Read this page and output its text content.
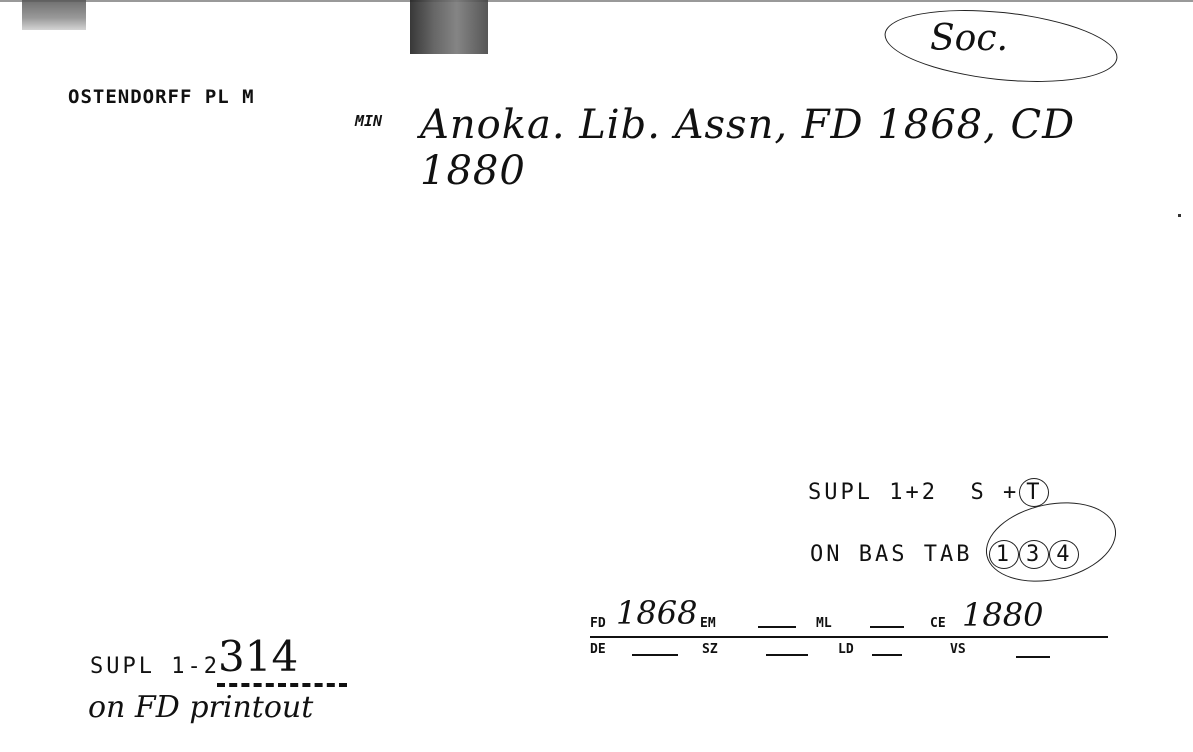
OSTENDORFF PL M
MIN Anoka. Lib. Assn, FD 1868, CD 1880
Soc.
SUPL 1+2 S + T
ON BAS TAB 1 3 4
FD 1868 EM	ML	CE 1880
DE	SZ	LD	VS
SUPL 1-2
314
on FD printout
